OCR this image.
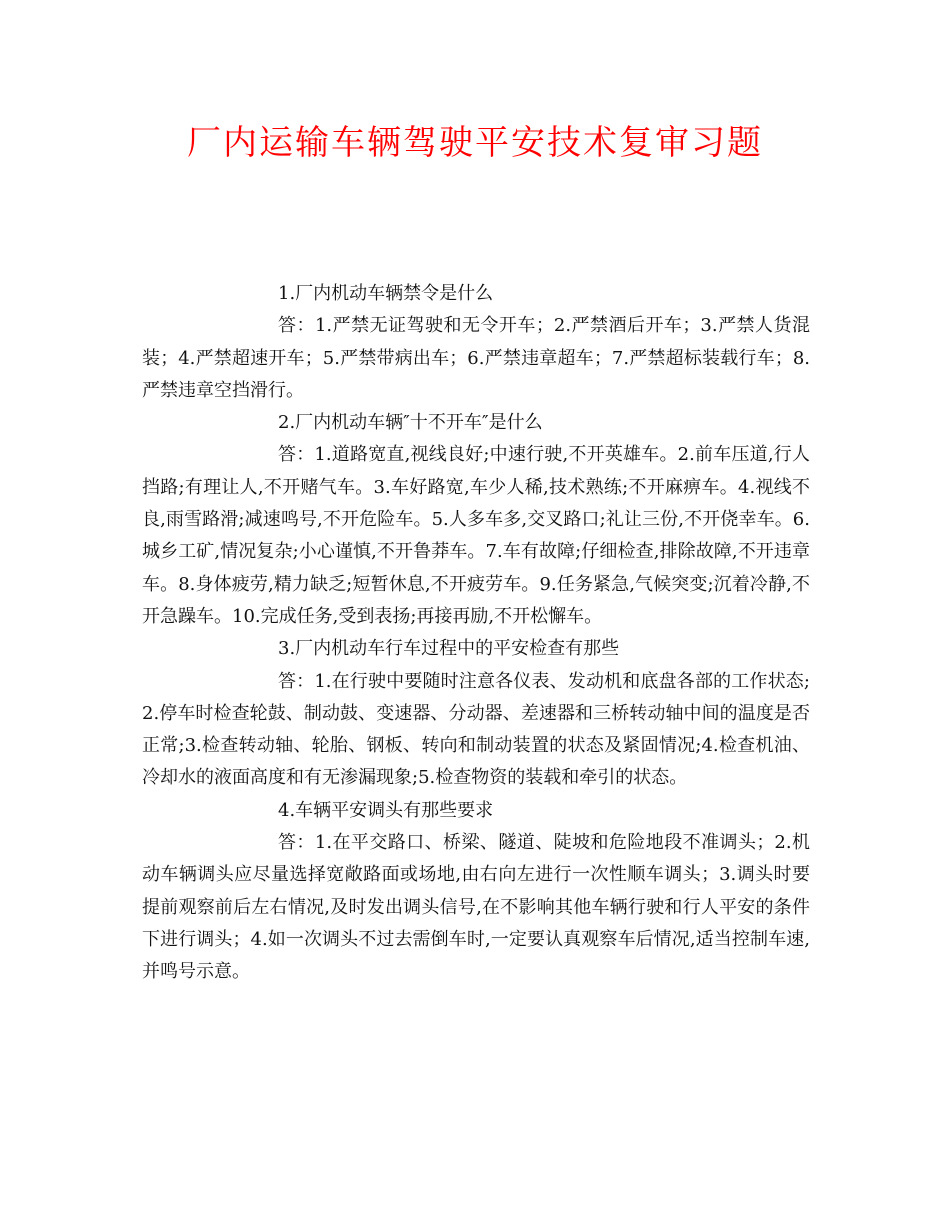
厂内运输车辆驾驶平安技术复审习题

1.厂内机动车辆禁令是什么

答：1.严禁无证驾驶和无令开车；2.严禁酒后开车；3.严禁人货混装；4.严禁超速开车；5.严禁带病出车；6.严禁违章超车；7.严禁超标装载行车；8.严禁违章空挡滑行。

2.厂内机动车辆″十不开车″是什么

答：1.道路宽直,视线良好;中速行驶,不开英雄车。2.前车压道,行人挡路;有理让人,不开赌气车。3.车好路宽,车少人稀,技术熟练;不开麻痹车。4.视线不良,雨雪路滑;减速鸣号,不开危险车。5.人多车多,交叉路口;礼让三份,不开侥幸车。6.城乡工矿,情况复杂;小心谨慎,不开鲁莽车。7.车有故障;仔细检查,排除故障,不开违章车。8.身体疲劳,精力缺乏;短暂休息,不开疲劳车。9.任务紧急,气候突变;沉着冷静,不开急躁车。10.完成任务,受到表扬;再接再励,不开松懈车。

3.厂内机动车行车过程中的平安检查有那些

答：1.在行驶中要随时注意各仪表、发动机和底盘各部的工作状态;2.停车时检查轮鼓、制动鼓、变速器、分动器、差速器和三桥转动轴中间的温度是否正常;3.检查转动轴、轮胎、钢板、转向和制动装置的状态及紧固情况;4.检查机油、冷却水的液面高度和有无渗漏现象;5.检查物资的装载和牵引的状态。

4.车辆平安调头有那些要求

答：1.在平交路口、桥梁、隧道、陡坡和危险地段不准调头；2.机动车辆调头应尽量选择宽敞路面或场地,由右向左进行一次性顺车调头；3.调头时要提前观察前后左右情况,及时发出调头信号,在不影响其他车辆行驶和行人平安的条件下进行调头；4.如一次调头不过去需倒车时,一定要认真观察车后情况,适当控制车速,并鸣号示意。
